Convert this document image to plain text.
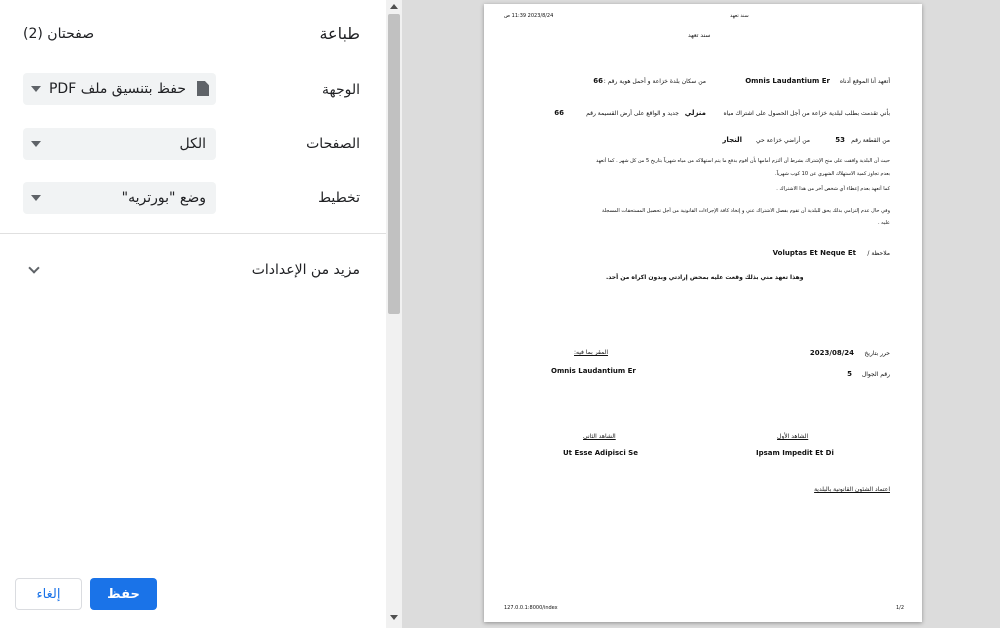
طباعة
صفحتان (2)
الوجهة
حفظ بتنسيق ملف PDF
الصفحات
الكل
تخطيط
وضع "بورتريه"
مزيد من الإعدادات
حفظ
إلغاء
2023/8/24 11:39 ص	سند تعهد
سند تعهد
أتعهد أنا الموقع أدناه
Omnis Laudantium Er
من سكان بلدة خزاعة و أحمل هوية رقم :
66
بأني تقدمت بطلب لبلدية خزاعة من أجل الحصول على اشتراك مياه
منزلي
جديد و الواقع على أرض القسيمة رقم
66
من القطعة رقم
53
من أراضي خزاعة حي
النجار
حيث أن البلدية وافقت على منح الإشتراك بشرط أن ألتزم أمامها بأن أقوم بدفع ما يتم استهلاكه من مياه شهرياً بتاريخ 5 من كل شهر . كما أتعهد
بعدم تجاوز كمية الاستهلاك الشهري عن 10 كوب شهرياً.
كما أتعهد بعدم إعطاء أي شخص آخر من هذا الاشتراك .
وفي حال عدم إلتزامي بذلك يحق للبلدية أن تقوم بفصل الاشتراك عني و إتخاذ كافة الإجراءات القانونية من أجل تحصيل المستحقات المسجلة
عليه .
ملاحظة /
Voluptas Et Neque Et
وهذا تعهد مني بذلك وقعت عليه بمحض إرادتي وبدون اكراه من أحد.
حرر بتاريخ
2023/08/24
رقم الجوال
5
المقر بما فيه:
Omnis Laudantium Er
الشاهد الأول
Ipsam Impedit Et Di
الشاهد الثاني
Ut Esse Adipisci Se
اعتماد الشئون القانونية بالبلدية
127.0.0.1:8000/index	1/2
